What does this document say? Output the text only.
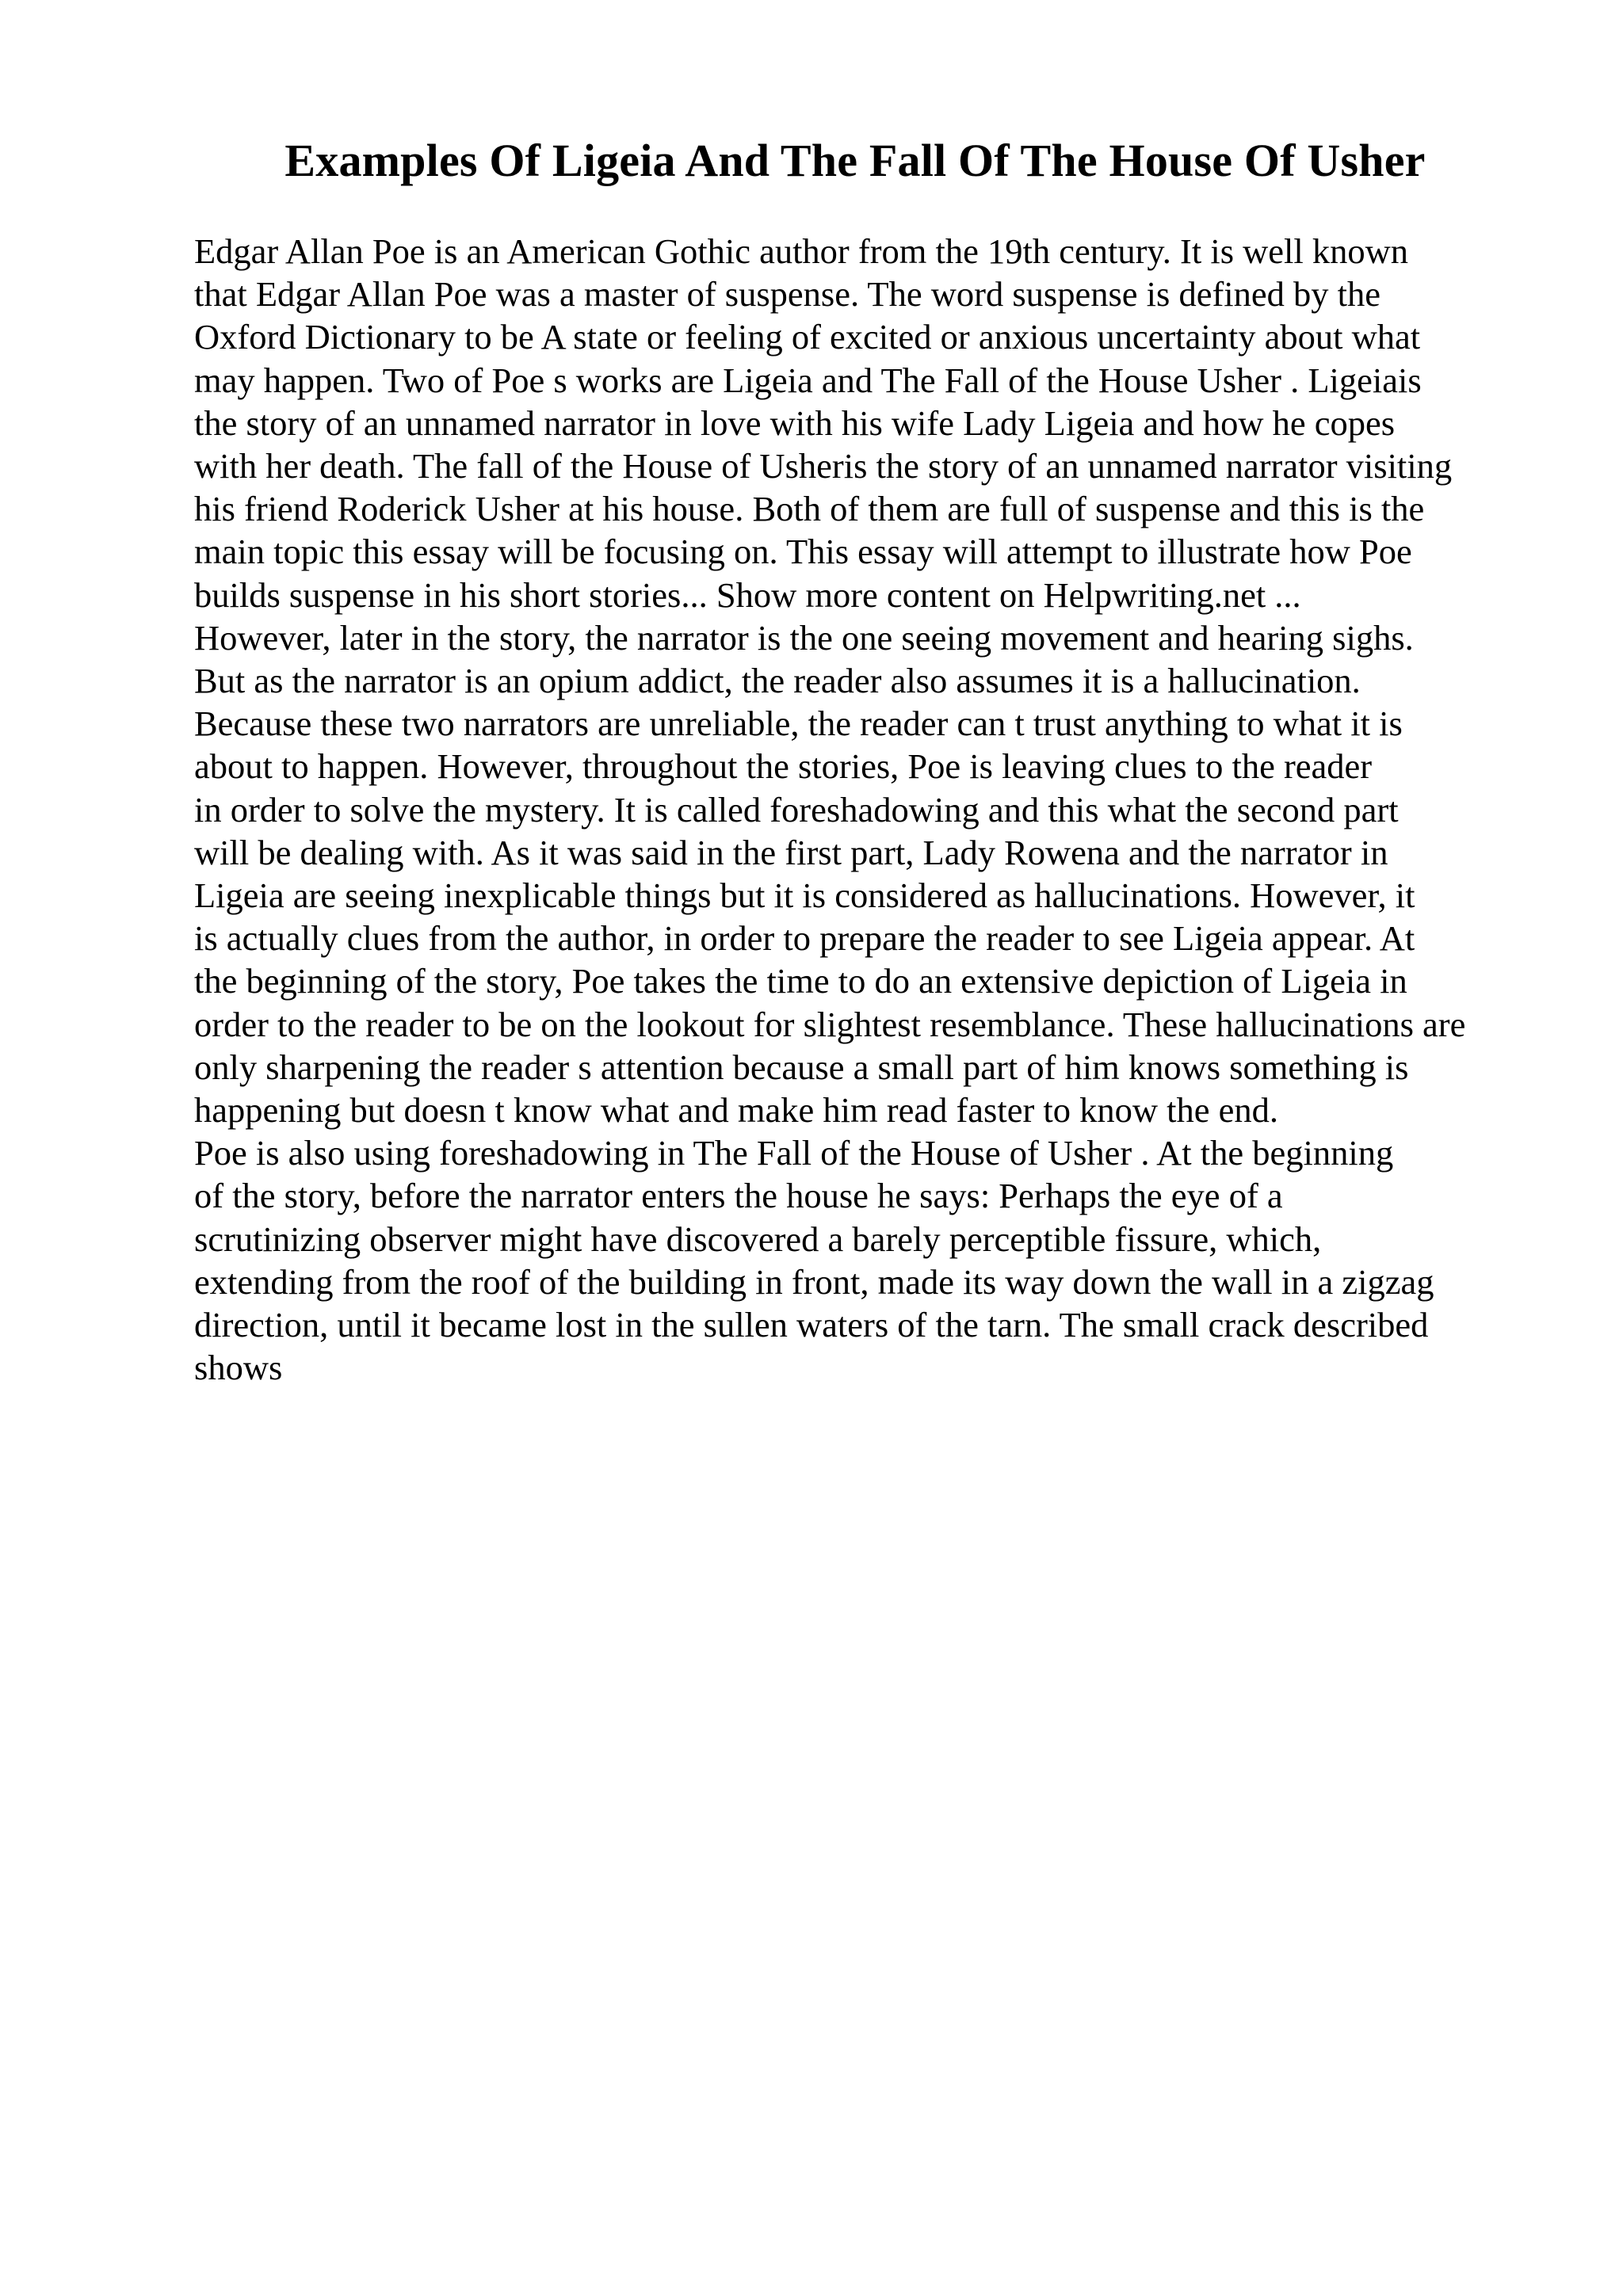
Examples Of Ligeia And The Fall Of The House Of Usher
Edgar Allan Poe is an American Gothic author from the 19th century. It is well known
that Edgar Allan Poe was a master of suspense. The word suspense is defined by the
Oxford Dictionary to be A state or feeling of excited or anxious uncertainty about what
may happen. Two of Poe s works are Ligeia and The Fall of the House Usher . Ligeiais
the story of an unnamed narrator in love with his wife Lady Ligeia and how he copes
with her death. The fall of the House of Usheris the story of an unnamed narrator visiting
his friend Roderick Usher at his house. Both of them are full of suspense and this is the
main topic this essay will be focusing on. This essay will attempt to illustrate how Poe
builds suspense in his short stories... Show more content on Helpwriting.net ...
However, later in the story, the narrator is the one seeing movement and hearing sighs.
But as the narrator is an opium addict, the reader also assumes it is a hallucination.
Because these two narrators are unreliable, the reader can t trust anything to what it is
about to happen. However, throughout the stories, Poe is leaving clues to the reader
in order to solve the mystery. It is called foreshadowing and this what the second part
will be dealing with. As it was said in the first part, Lady Rowena and the narrator in
Ligeia are seeing inexplicable things but it is considered as hallucinations. However, it
is actually clues from the author, in order to prepare the reader to see Ligeia appear. At
the beginning of the story, Poe takes the time to do an extensive depiction of Ligeia in
order to the reader to be on the lookout for slightest resemblance. These hallucinations are
only sharpening the reader s attention because a small part of him knows something is
happening but doesn t know what and make him read faster to know the end.
Poe is also using foreshadowing in The Fall of the House of Usher . At the beginning
of the story, before the narrator enters the house he says: Perhaps the eye of a
scrutinizing observer might have discovered a barely perceptible fissure, which,
extending from the roof of the building in front, made its way down the wall in a zigzag
direction, until it became lost in the sullen waters of the tarn. The small crack described
shows
